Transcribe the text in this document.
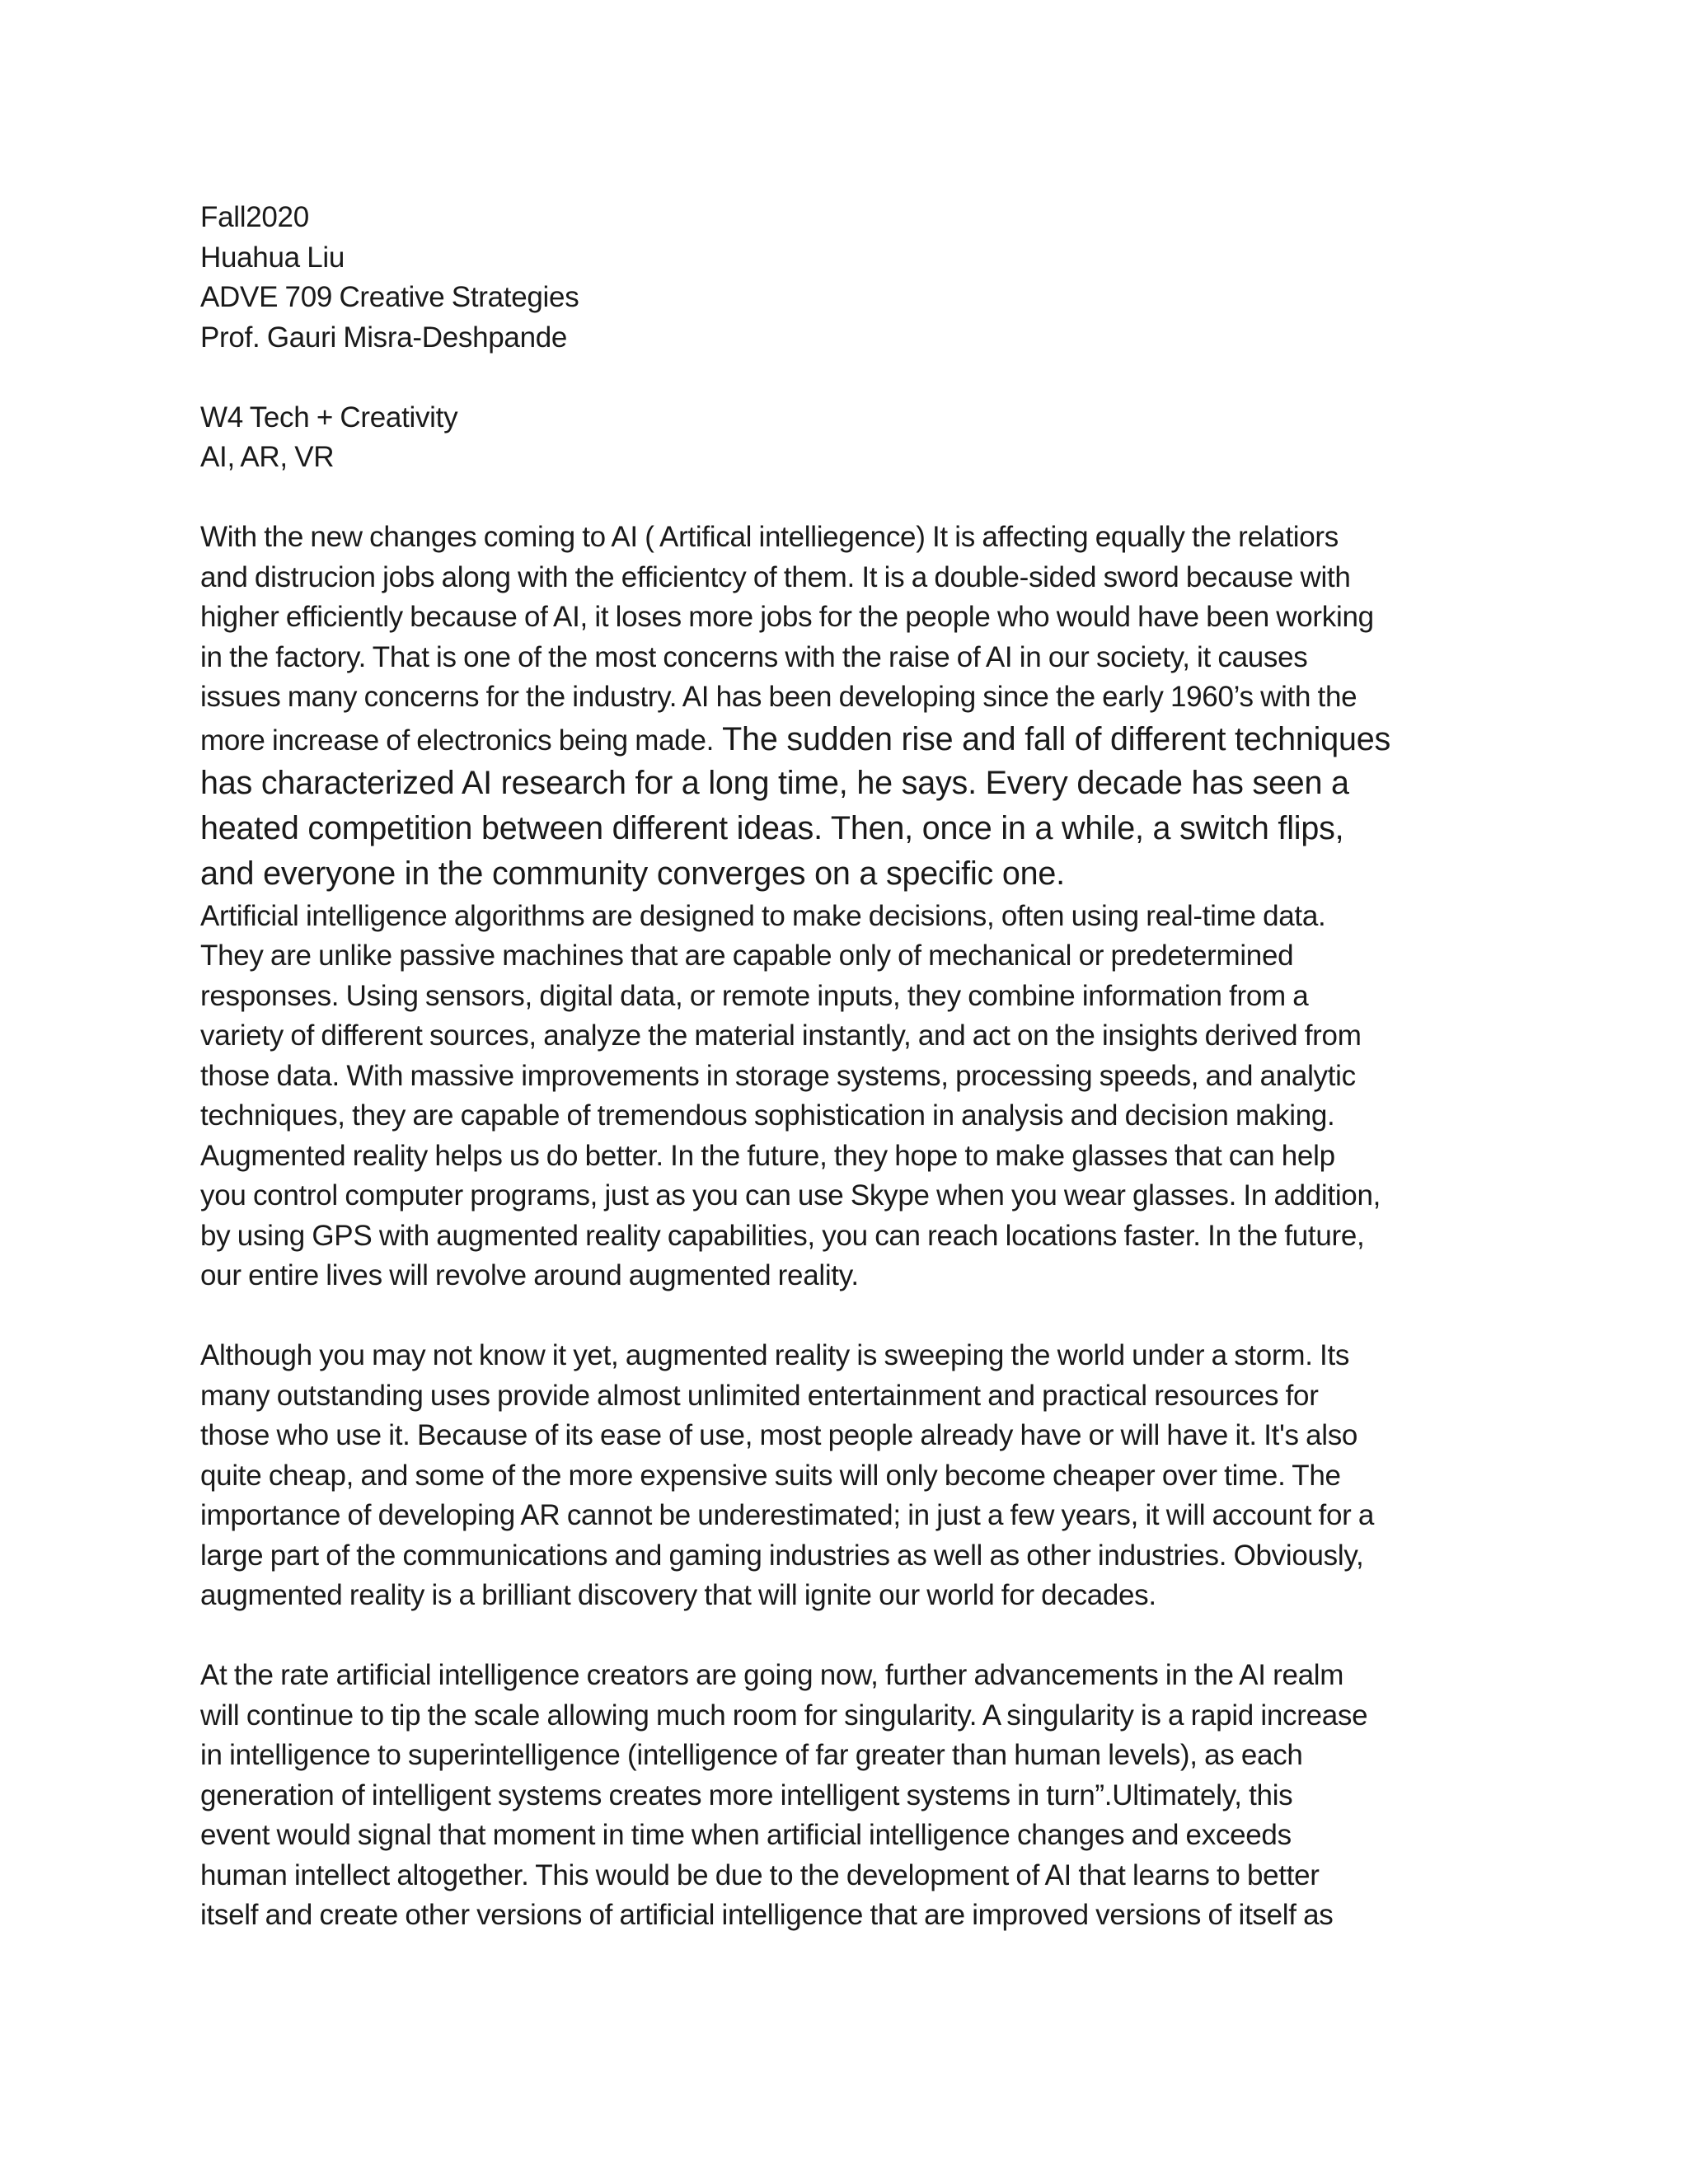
Fall2020
Huahua Liu
ADVE 709 Creative Strategies
Prof. Gauri Misra-Deshpande
W4 Tech + Creativity
AI, AR, VR
With the new changes coming to AI ( Artifical intelliegence) It is affecting equally the relatiors
and distrucion jobs along with the efficientcy of them. It is a double-sided sword because with
higher efficiently because of AI, it loses more jobs for the people who would have been working
in the factory. That is one of the most concerns with the raise of AI in our society, it causes
issues many concerns for the industry. AI has been developing since the early 1960’s with the
more increase of electronics being made. The sudden rise and fall of different techniques
has characterized AI research for a long time, he says. Every decade has seen a
heated competition between different ideas. Then, once in a while, a switch flips,
and everyone in the community converges on a specific one.
Artificial intelligence algorithms are designed to make decisions, often using real-time data.
They are unlike passive machines that are capable only of mechanical or predetermined
responses. Using sensors, digital data, or remote inputs, they combine information from a
variety of different sources, analyze the material instantly, and act on the insights derived from
those data. With massive improvements in storage systems, processing speeds, and analytic
techniques, they are capable of tremendous sophistication in analysis and decision making.
Augmented reality helps us do better. In the future, they hope to make glasses that can help
you control computer programs, just as you can use Skype when you wear glasses. In addition,
by using GPS with augmented reality capabilities, you can reach locations faster. In the future,
our entire lives will revolve around augmented reality.
Although you may not know it yet, augmented reality is sweeping the world under a storm. Its
many outstanding uses provide almost unlimited entertainment and practical resources for
those who use it. Because of its ease of use, most people already have or will have it. It's also
quite cheap, and some of the more expensive suits will only become cheaper over time. The
importance of developing AR cannot be underestimated; in just a few years, it will account for a
large part of the communications and gaming industries as well as other industries. Obviously,
augmented reality is a brilliant discovery that will ignite our world for decades.
At the rate artificial intelligence creators are going now, further advancements in the AI realm
will continue to tip the scale allowing much room for singularity. A singularity is a rapid increase
in intelligence to superintelligence (intelligence of far greater than human levels), as each
generation of intelligent systems creates more intelligent systems in turn”.Ultimately, this
event would signal that moment in time when artificial intelligence changes and exceeds
human intellect altogether. This would be due to the development of AI that learns to better
itself and create other versions of artificial intelligence that are improved versions of itself as
